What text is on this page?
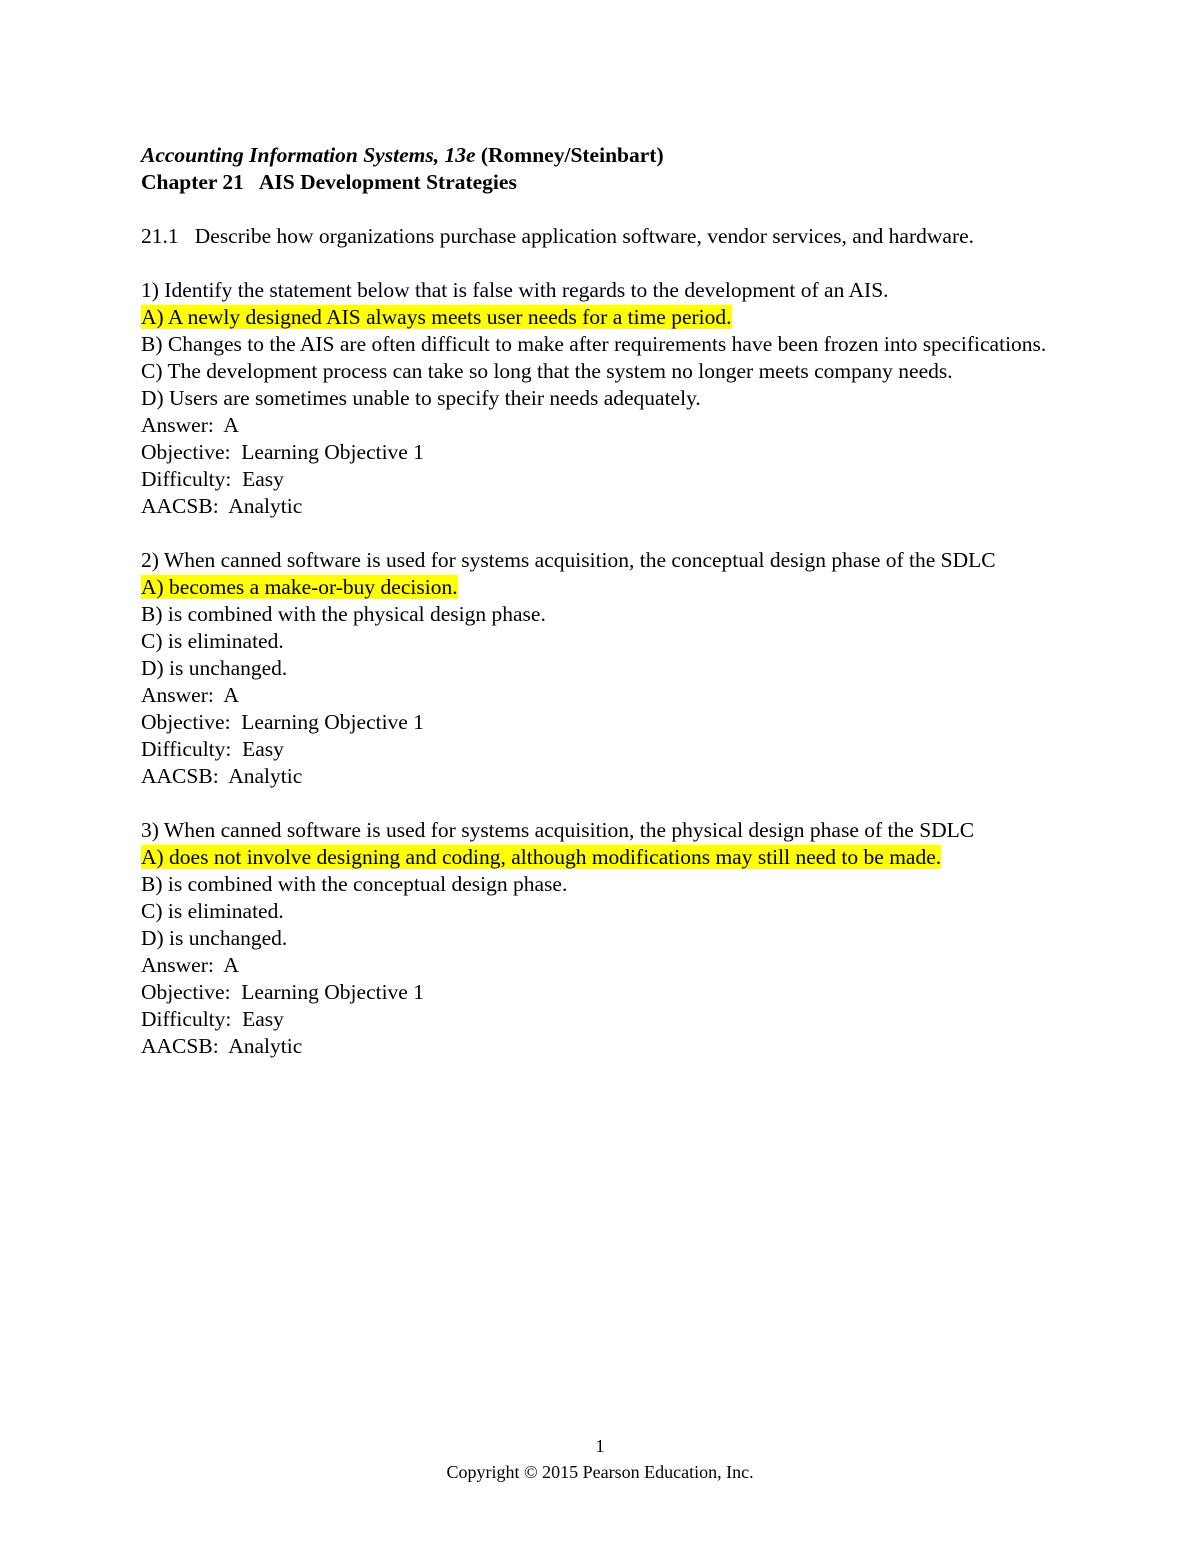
Accounting Information Systems, 13e (Romney/Steinbart)
Chapter 21   AIS Development Strategies
21.1   Describe how organizations purchase application software, vendor services, and hardware.
1) Identify the statement below that is false with regards to the development of an AIS.
A) A newly designed AIS always meets user needs for a time period.
B) Changes to the AIS are often difficult to make after requirements have been frozen into specifications.
C) The development process can take so long that the system no longer meets company needs.
D) Users are sometimes unable to specify their needs adequately.
Answer:  A
Objective:  Learning Objective 1
Difficulty:  Easy
AACSB:  Analytic
2) When canned software is used for systems acquisition, the conceptual design phase of the SDLC
A) becomes a make-or-buy decision.
B) is combined with the physical design phase.
C) is eliminated.
D) is unchanged.
Answer:  A
Objective:  Learning Objective 1
Difficulty:  Easy
AACSB:  Analytic
3) When canned software is used for systems acquisition, the physical design phase of the SDLC
A) does not involve designing and coding, although modifications may still need to be made.
B) is combined with the conceptual design phase.
C) is eliminated.
D) is unchanged.
Answer:  A
Objective:  Learning Objective 1
Difficulty:  Easy
AACSB:  Analytic
1
Copyright © 2015 Pearson Education, Inc.
